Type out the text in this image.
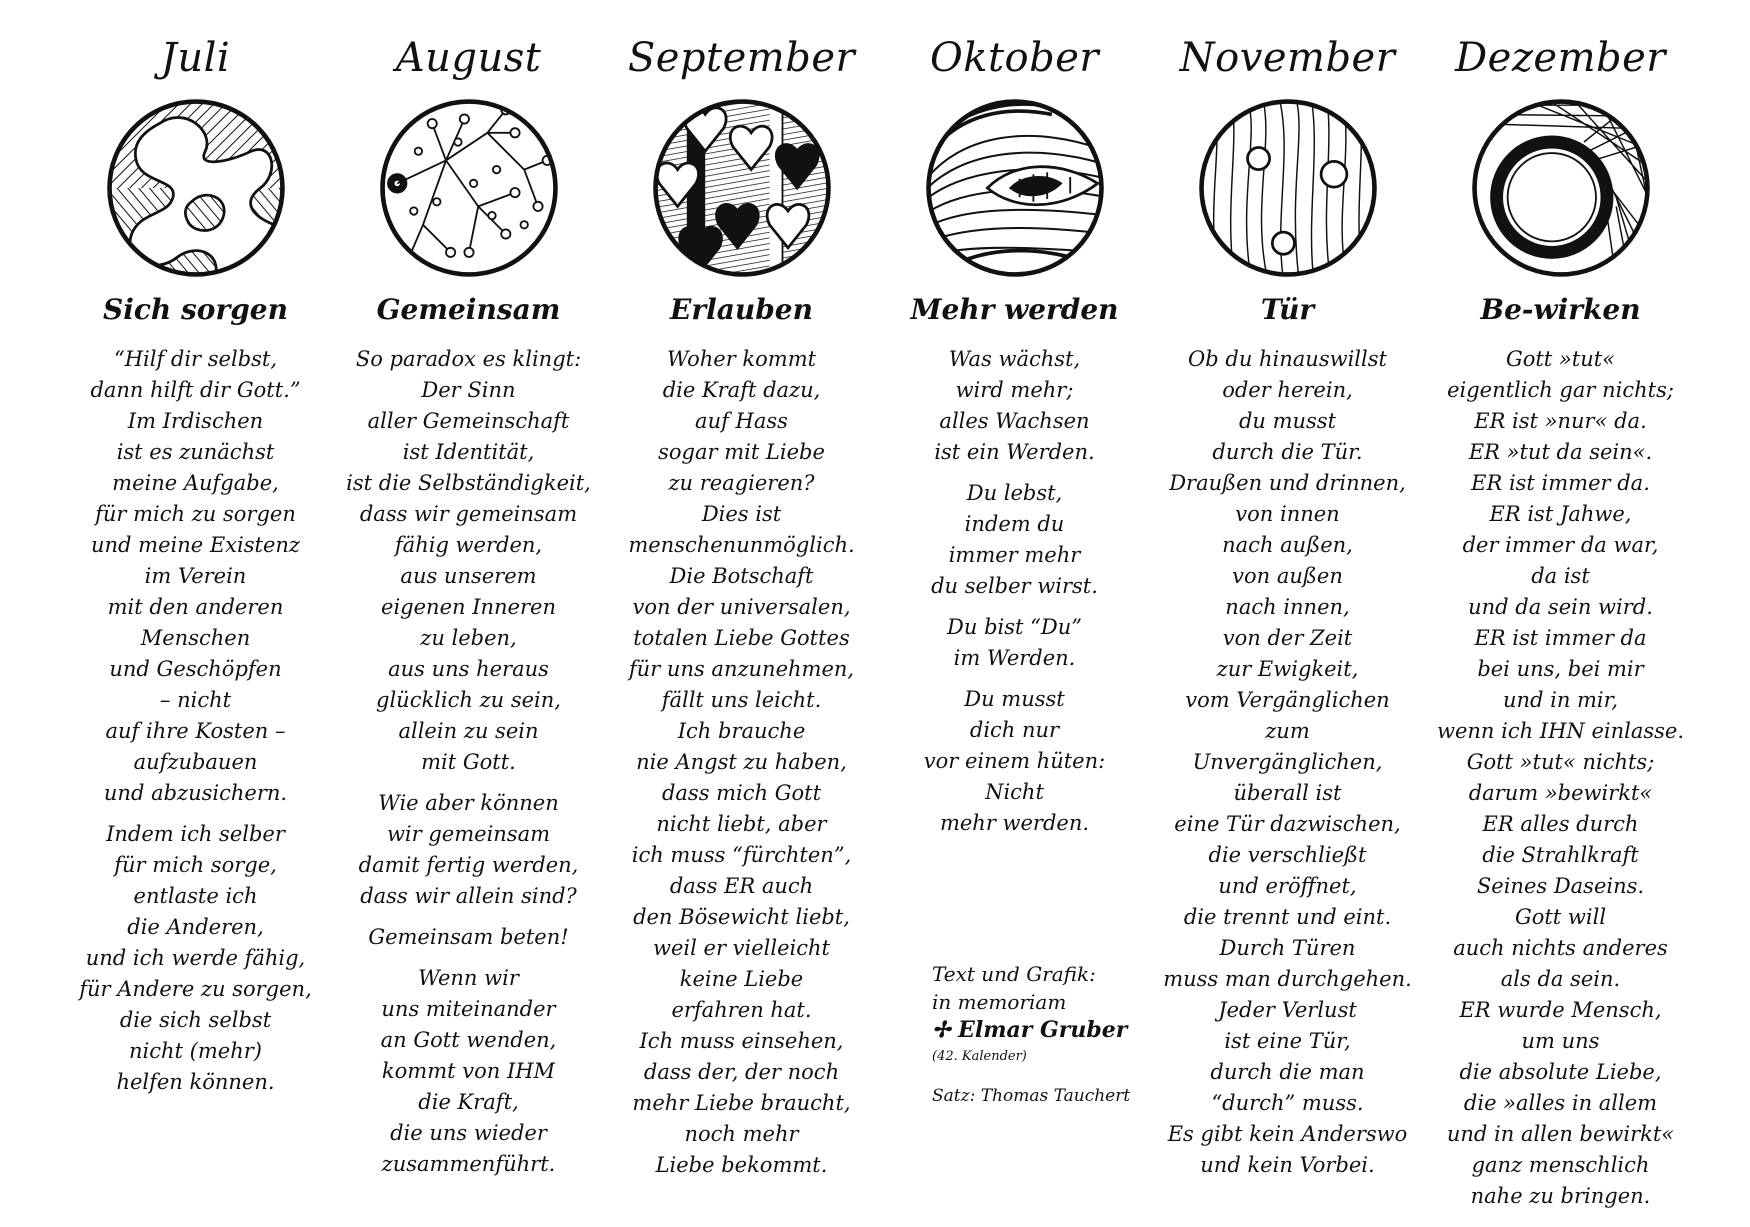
Juli
Sich sorgen
“Hilf dir selbst,
dann hilft dir Gott.”
Im Irdischen
ist es zunächst
meine Aufgabe,
für mich zu sorgen
und meine Existenz
im Verein
mit den anderen
Menschen
und Geschöpfen
– nicht
auf ihre Kosten –
aufzubauen
und abzusichern.
Indem ich selber
für mich sorge,
entlaste ich
die Anderen,
und ich werde fähig,
für Andere zu sorgen,
die sich selbst
nicht (mehr)
helfen können.
August
Gemeinsam
So paradox es klingt:
Der Sinn
aller Gemeinschaft
ist Identität,
ist die Selbständigkeit,
dass wir gemeinsam
fähig werden,
aus unserem
eigenen Inneren
zu leben,
aus uns heraus
glücklich zu sein,
allein zu sein
mit Gott.
Wie aber können
wir gemeinsam
damit fertig werden,
dass wir allein sind?
Gemeinsam beten!
Wenn wir
uns miteinander
an Gott wenden,
kommt von IHM
die Kraft,
die uns wieder
zusammenführt.
September
Erlauben
Woher kommt
die Kraft dazu,
auf Hass
sogar mit Liebe
zu reagieren?
Dies ist
menschenunmöglich.
Die Botschaft
von der universalen,
totalen Liebe Gottes
für uns anzunehmen,
fällt uns leicht.
Ich brauche
nie Angst zu haben,
dass mich Gott
nicht liebt, aber
ich muss “fürchten”,
dass ER auch
den Bösewicht liebt,
weil er vielleicht
keine Liebe
erfahren hat.
Ich muss einsehen,
dass der, der noch
mehr Liebe braucht,
noch mehr
Liebe bekommt.
Oktober
Mehr werden
Was wächst,
wird mehr;
alles Wachsen
ist ein Werden.
Du lebst,
indem du
immer mehr
du selber wirst.
Du bist “Du”
im Werden.
Du musst
dich nur
vor einem hüten:
Nicht
mehr werden.
November
Tür
Ob du hinauswillst
oder herein,
du musst
durch die Tür.
Draußen und drinnen,
von innen
nach außen,
von außen
nach innen,
von der Zeit
zur Ewigkeit,
vom Vergänglichen
zum
Unvergänglichen,
überall ist
eine Tür dazwischen,
die verschließt
und eröffnet,
die trennt und eint.
Durch Türen
muss man durchgehen.
Jeder Verlust
ist eine Tür,
durch die man
“durch” muss.
Es gibt kein Anderswo
und kein Vorbei.
Dezember
Be-wirken
Gott »tut«
eigentlich gar nichts;
ER ist »nur« da.
ER »tut da sein«.
ER ist immer da.
ER ist Jahwe,
der immer da war,
da ist
und da sein wird.
ER ist immer da
bei uns, bei mir
und in mir,
wenn ich IHN einlasse.
Gott »tut« nichts;
darum »bewirkt«
ER alles durch
die Strahlkraft
Seines Daseins.
Gott will
auch nichts anderes
als da sein.
ER wurde Mensch,
um uns
die absolute Liebe,
die »alles in allem
und in allen bewirkt«
ganz menschlich
nahe zu bringen.
Text und Grafik:
in memoriam
✢ Elmar Gruber
(42. Kalender)
Satz: Thomas Tauchert
